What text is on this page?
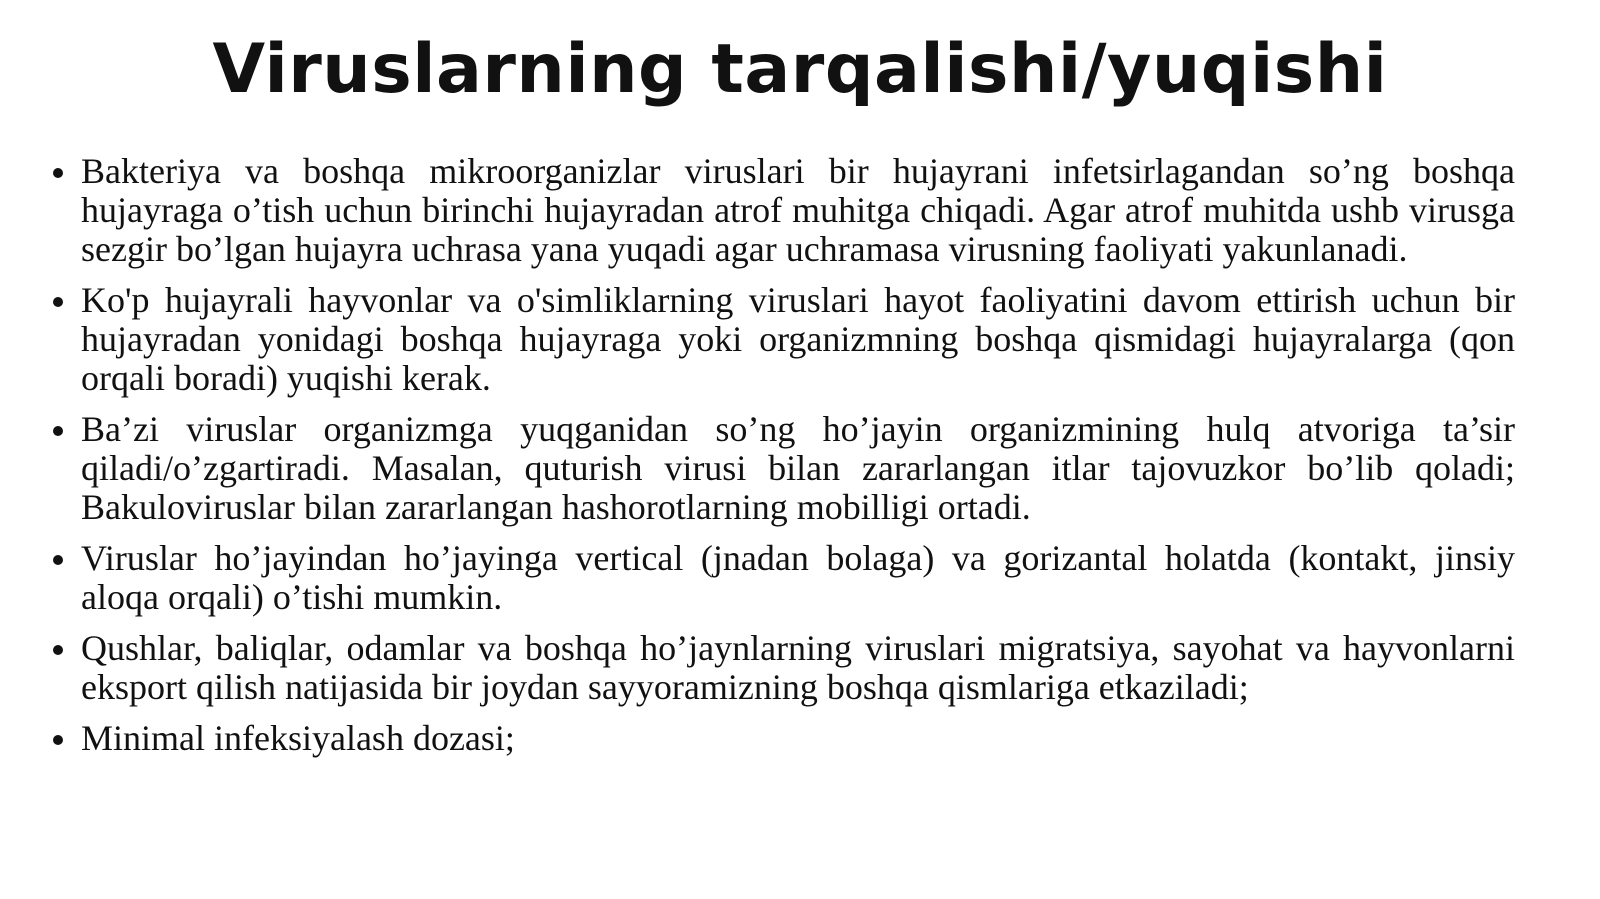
Viruslarning tarqalishi/yuqishi
Bakteriya va boshqa mikroorganizlar viruslari bir hujayrani infetsirlagandan so’ng boshqa hujayraga o’tish uchun birinchi hujayradan atrof muhitga chiqadi. Agar atrof muhitda ushb virusga sezgir bo’lgan hujayra uchrasa yana yuqadi agar uchramasa virusning faoliyati yakunlanadi.
Ko'p hujayrali hayvonlar va o'simliklarning viruslari hayot faoliyatini davom ettirish uchun bir hujayradan yonidagi boshqa hujayraga yoki organizmning boshqa qismidagi hujayralarga (qon orqali boradi) yuqishi kerak.
Ba’zi viruslar organizmga yuqganidan so’ng ho’jayin organizmining hulq atvoriga ta’sir qiladi/o’zgartiradi. Masalan, quturish virusi bilan zararlangan itlar tajovuzkor bo’lib qoladi; Bakuloviruslar bilan zararlangan hashorotlarning mobilligi ortadi.
Viruslar ho’jayindan ho’jayinga vertical (jnadan bolaga) va gorizantal holatda (kontakt, jinsiy aloqa orqali) o’tishi mumkin.
Qushlar, baliqlar, odamlar va boshqa ho’jaynlarning viruslari migratsiya, sayohat va hayvonlarni eksport qilish natijasida bir joydan sayyoramizning boshqa qismlariga etkaziladi;
Minimal infeksiyalash dozasi;
